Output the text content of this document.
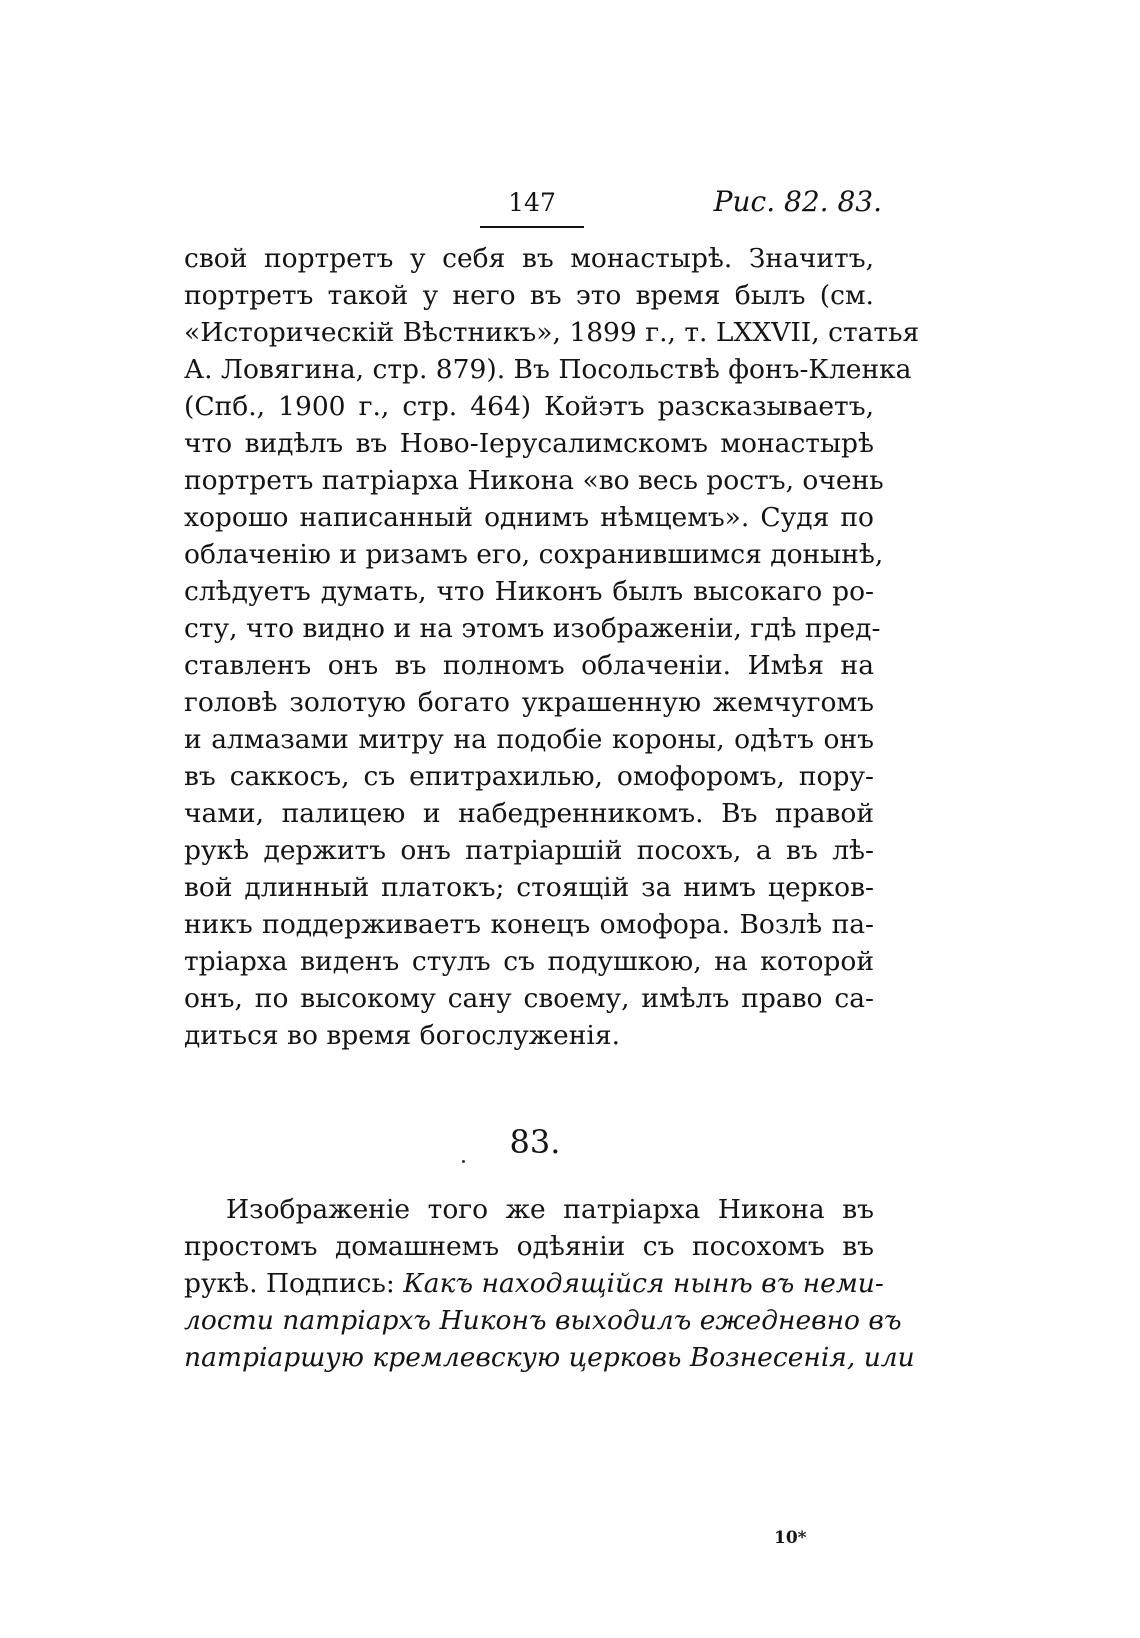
147	Рис. 82. 83.
свой портретъ у себя въ монастырѣ. Значитъ,
портретъ такой у него въ это время былъ (см.
«Историческій Вѣстникъ», 1899 г., т. LXXVII, статья
А. Ловягина, стр. 879). Въ Посольствѣ фонъ-Кленка
(Спб., 1900 г., стр. 464) Койэтъ разсказываетъ,
что видѣлъ въ Ново-Іерусалимскомъ монастырѣ
портретъ патріарха Никона «во весь ростъ, очень
хорошо написанный однимъ нѣмцемъ». Судя по
облаченію и ризамъ его, сохранившимся донынѣ,
слѣдуетъ думать, что Никонъ былъ высокаго ро-
сту, что видно и на этомъ изображеніи, гдѣ пред-
ставленъ онъ въ полномъ облаченіи. Имѣя на
головѣ золотую богато украшенную жемчугомъ
и алмазами митру на подобіе короны, одѣтъ онъ
въ саккосъ, съ епитрахилью, омофоромъ, пору-
чами, палицею и набедренникомъ. Въ правой
рукѣ держитъ онъ патріаршій посохъ, а въ лѣ-
вой длинный платокъ; стоящій за нимъ церков-
никъ поддерживаетъ конецъ омофора. Возлѣ па-
тріарха виденъ стулъ съ подушкою, на которой
онъ, по высокому сану своему, имѣлъ право са-
диться во время богослуженія.
83.
Изображеніе того же патріарха Никона въ
простомъ домашнемъ одѣяніи съ посохомъ въ
рукѣ. Подпись: Какъ находящійся нынѣ въ неми-
лости патріархъ Никонъ выходилъ ежедневно въ
патріаршую кремлевскую церковь Вознесенія, или
10*
